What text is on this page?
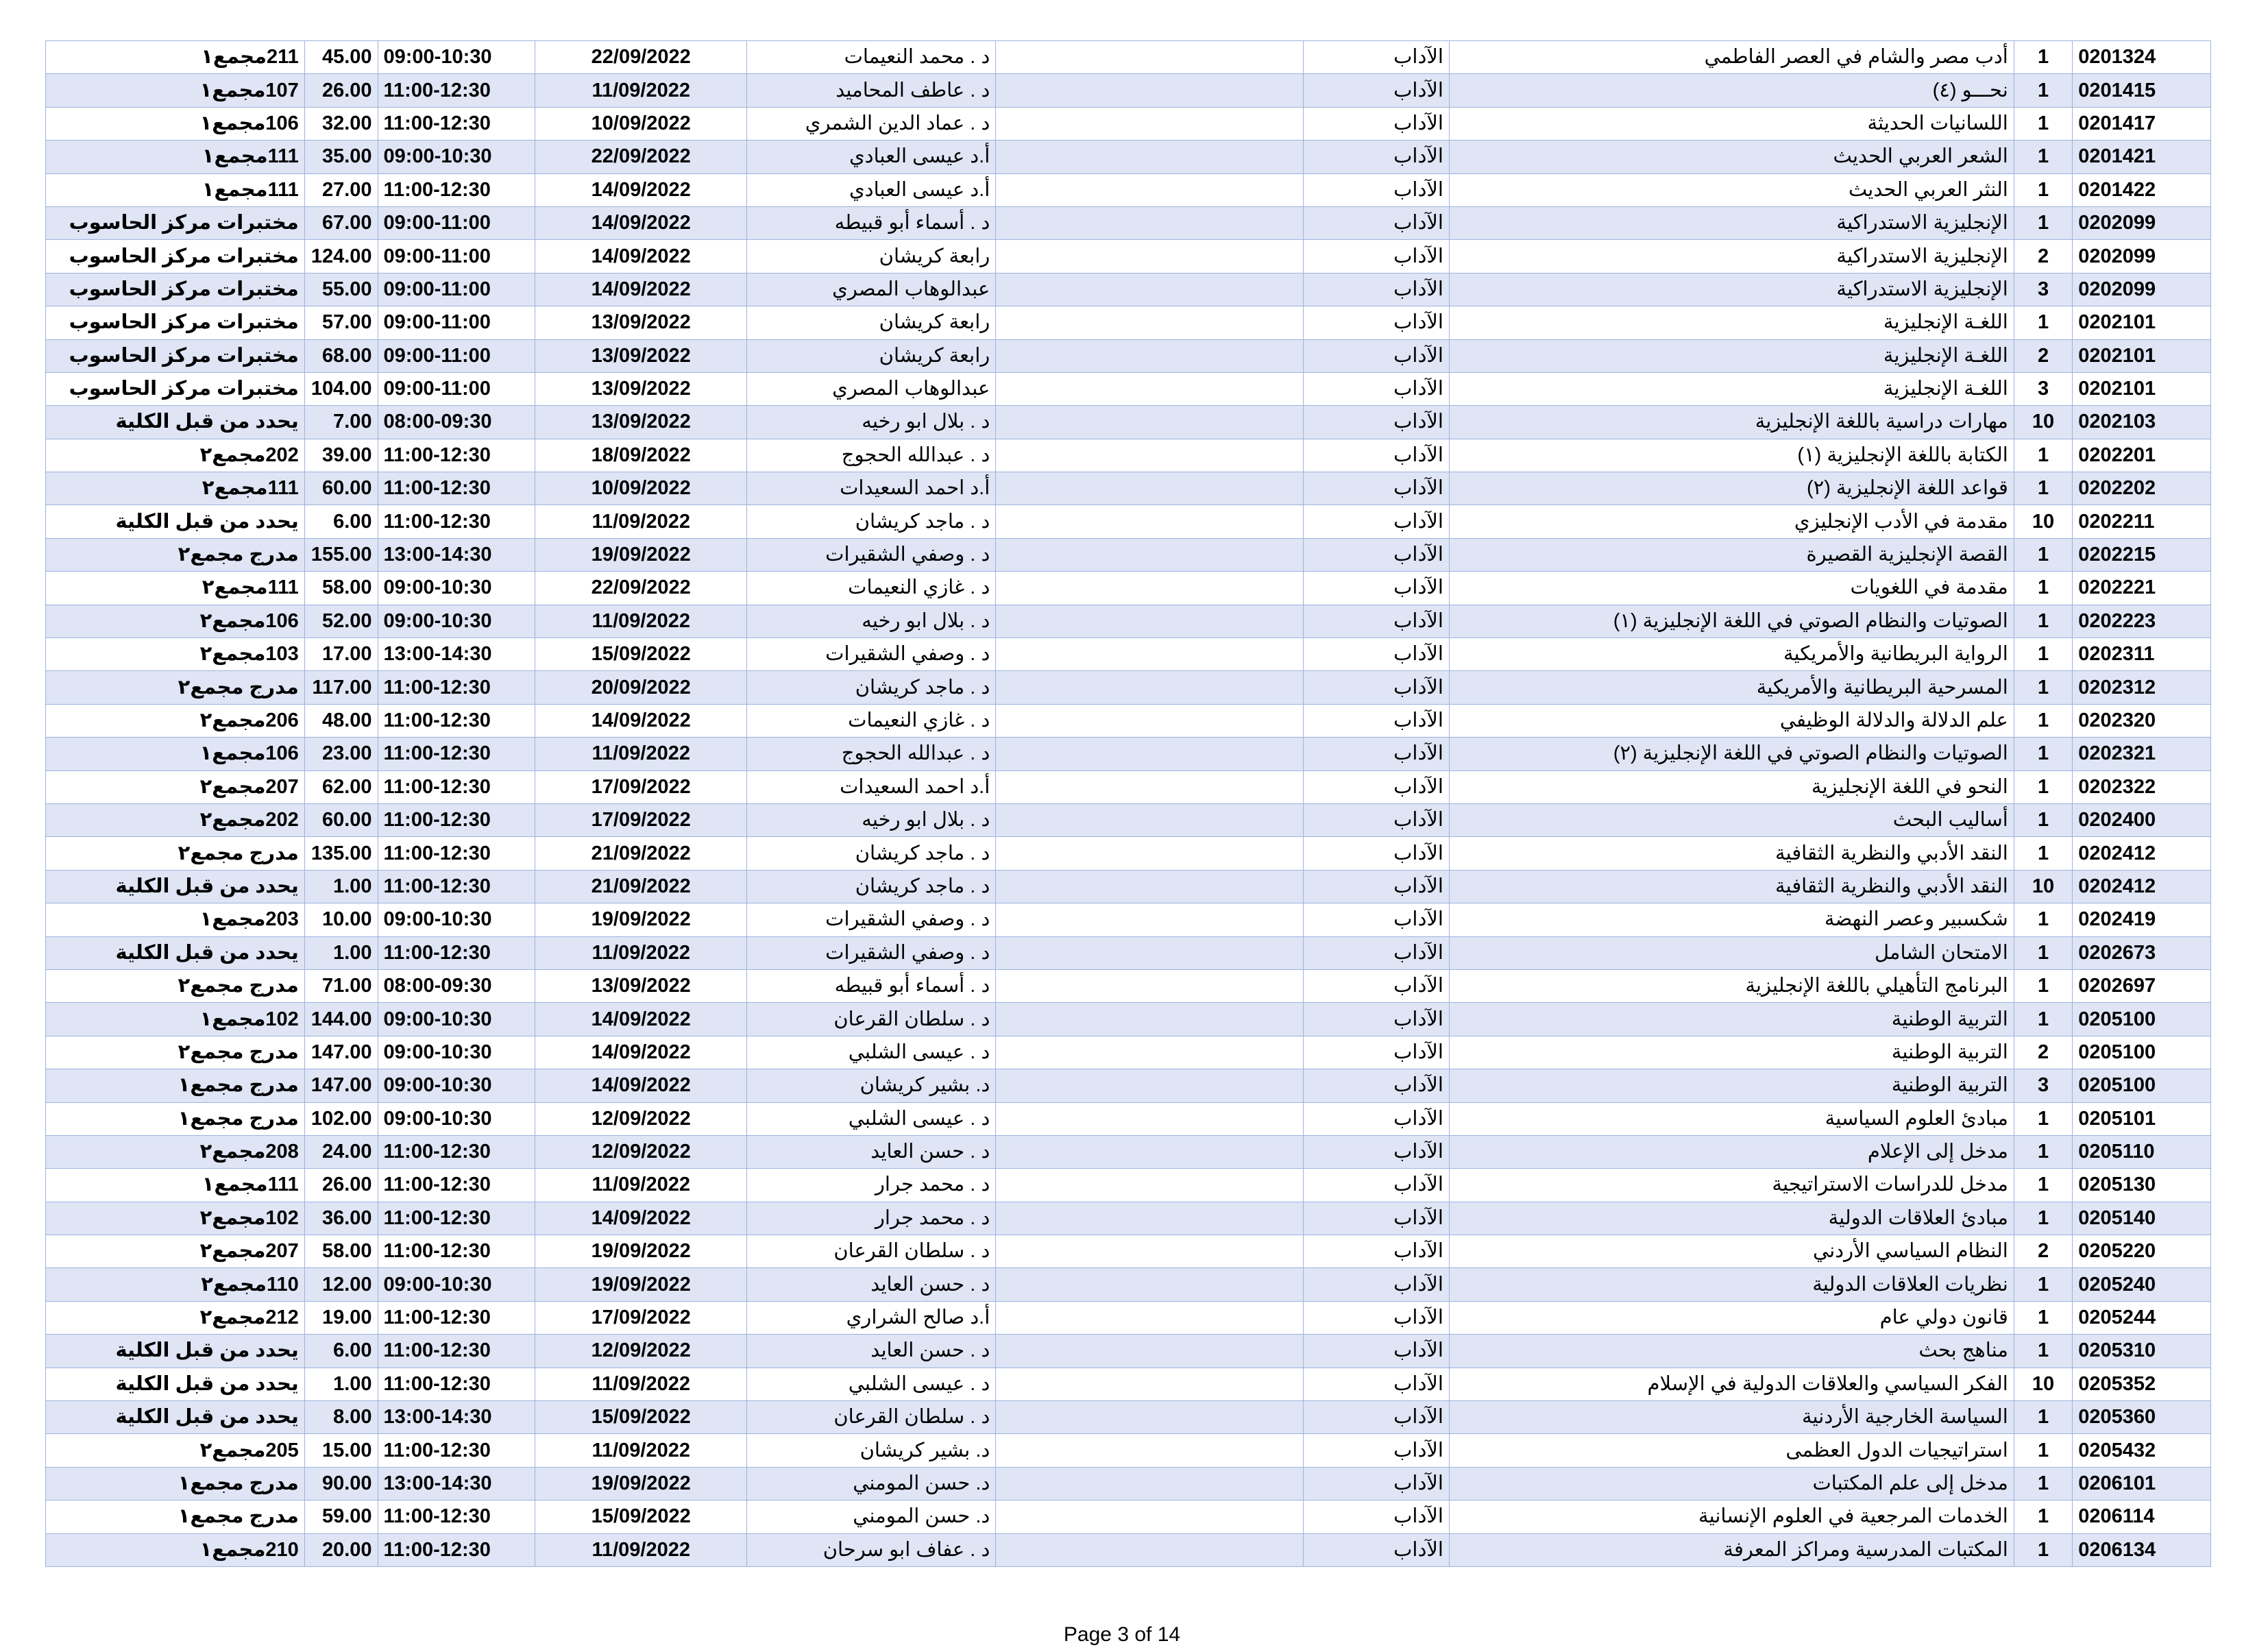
211مجمع١	45.00	09:00-10:30	22/09/2022	د . محمد النعيمات		الآداب	أدب مصر والشام في العصر الفاطمي	1	0201324
107مجمع١	26.00	11:00-12:30	11/09/2022	د . عاطف المحاميد		الآداب	نحـــو (٤)	1	0201415
106مجمع١	32.00	11:00-12:30	10/09/2022	د . عماد الدين الشمري		الآداب	اللسانيات الحديثة	1	0201417
111مجمع١	35.00	09:00-10:30	22/09/2022	أ.د عيسى العبادي		الآداب	الشعر العربي الحديث	1	0201421
111مجمع١	27.00	11:00-12:30	14/09/2022	أ.د عيسى العبادي		الآداب	النثر العربي الحديث	1	0201422
مختبرات مركز الحاسوب	67.00	09:00-11:00	14/09/2022	د . أسماء أبو قبيطه		الآداب	الإنجليزية الاستدراكية	1	0202099
مختبرات مركز الحاسوب	124.00	09:00-11:00	14/09/2022	رابعة كريشان		الآداب	الإنجليزية الاستدراكية	2	0202099
مختبرات مركز الحاسوب	55.00	09:00-11:00	14/09/2022	عبدالوهاب المصري		الآداب	الإنجليزية الاستدراكية	3	0202099
مختبرات مركز الحاسوب	57.00	09:00-11:00	13/09/2022	رابعة كريشان		الآداب	اللغـة الإنجليزية	1	0202101
مختبرات مركز الحاسوب	68.00	09:00-11:00	13/09/2022	رابعة كريشان		الآداب	اللغـة الإنجليزية	2	0202101
مختبرات مركز الحاسوب	104.00	09:00-11:00	13/09/2022	عبدالوهاب المصري		الآداب	اللغـة الإنجليزية	3	0202101
يحدد من قبل الكلية	7.00	08:00-09:30	13/09/2022	د . بلال ابو رخيه		الآداب	مهارات دراسية باللغة الإنجليزية	10	0202103
202مجمع٢	39.00	11:00-12:30	18/09/2022	د . عبدالله الحجوج		الآداب	الكتابة باللغة الإنجليزية (١)	1	0202201
111مجمع٢	60.00	11:00-12:30	10/09/2022	أ.د احمد السعيدات		الآداب	قواعد اللغة الإنجليزية (٢)	1	0202202
يحدد من قبل الكلية	6.00	11:00-12:30	11/09/2022	د . ماجد كريشان		الآداب	مقدمة في الأدب الإنجليزي	10	0202211
مدرج مجمع٢	155.00	13:00-14:30	19/09/2022	د . وصفي الشقيرات		الآداب	القصة الإنجليزية القصيرة	1	0202215
111مجمع٢	58.00	09:00-10:30	22/09/2022	د . غازي النعيمات		الآداب	مقدمة في اللغويات	1	0202221
106مجمع٢	52.00	09:00-10:30	11/09/2022	د . بلال ابو رخيه		الآداب	الصوتيات والنظام الصوتي في اللغة الإنجليزية (١)	1	0202223
103مجمع٢	17.00	13:00-14:30	15/09/2022	د . وصفي الشقيرات		الآداب	الرواية البريطانية والأمريكية	1	0202311
مدرج مجمع٢	117.00	11:00-12:30	20/09/2022	د . ماجد كريشان		الآداب	المسرحية البريطانية والأمريكية	1	0202312
206مجمع٢	48.00	11:00-12:30	14/09/2022	د . غازي النعيمات		الآداب	علم الدلالة والدلالة الوظيفي	1	0202320
106مجمع١	23.00	11:00-12:30	11/09/2022	د . عبدالله الحجوج		الآداب	الصوتيات والنظام الصوتي في اللغة الإنجليزية (٢)	1	0202321
207مجمع٢	62.00	11:00-12:30	17/09/2022	أ.د احمد السعيدات		الآداب	النحو في اللغة الإنجليزية	1	0202322
202مجمع٢	60.00	11:00-12:30	17/09/2022	د . بلال ابو رخيه		الآداب	أساليب البحث	1	0202400
مدرج مجمع٢	135.00	11:00-12:30	21/09/2022	د . ماجد كريشان		الآداب	النقد الأدبي والنظرية الثقافية	1	0202412
يحدد من قبل الكلية	1.00	11:00-12:30	21/09/2022	د . ماجد كريشان		الآداب	النقد الأدبي والنظرية الثقافية	10	0202412
203مجمع١	10.00	09:00-10:30	19/09/2022	د . وصفي الشقيرات		الآداب	شكسبير وعصر النهضة	1	0202419
يحدد من قبل الكلية	1.00	11:00-12:30	11/09/2022	د . وصفي الشقيرات		الآداب	الامتحان الشامل	1	0202673
مدرج مجمع٢	71.00	08:00-09:30	13/09/2022	د . أسماء أبو قبيطه		الآداب	البرنامج التأهيلي باللغة الإنجليزية	1	0202697
102مجمع١	144.00	09:00-10:30	14/09/2022	د . سلطان القرعان		الآداب	التربية الوطنية	1	0205100
مدرج مجمع٢	147.00	09:00-10:30	14/09/2022	د . عيسى الشلبي		الآداب	التربية الوطنية	2	0205100
مدرج مجمع١	147.00	09:00-10:30	14/09/2022	د. بشير كريشان		الآداب	التربية الوطنية	3	0205100
مدرج مجمع١	102.00	09:00-10:30	12/09/2022	د . عيسى الشلبي		الآداب	مبادئ العلوم السياسية	1	0205101
208مجمع٢	24.00	11:00-12:30	12/09/2022	د . حسن العايد		الآداب	مدخل إلى الإعلام	1	0205110
111مجمع١	26.00	11:00-12:30	11/09/2022	د . محمد جرار		الآداب	مدخل للدراسات الاستراتيجية	1	0205130
102مجمع٢	36.00	11:00-12:30	14/09/2022	د . محمد جرار		الآداب	مبادئ العلاقات الدولية	1	0205140
207مجمع٢	58.00	11:00-12:30	19/09/2022	د . سلطان القرعان		الآداب	النظام السياسي الأردني	2	0205220
110مجمع٢	12.00	09:00-10:30	19/09/2022	د . حسن العايد		الآداب	نظريات العلاقات الدولية	1	0205240
212مجمع٢	19.00	11:00-12:30	17/09/2022	أ.د صالح الشراري		الآداب	قانون دولي عام	1	0205244
يحدد من قبل الكلية	6.00	11:00-12:30	12/09/2022	د . حسن العايد		الآداب	مناهج بحث	1	0205310
يحدد من قبل الكلية	1.00	11:00-12:30	11/09/2022	د . عيسى الشلبي		الآداب	الفكر السياسي والعلاقات الدولية في الإسلام	10	0205352
يحدد من قبل الكلية	8.00	13:00-14:30	15/09/2022	د . سلطان القرعان		الآداب	السياسة الخارجية الأردنية	1	0205360
205مجمع٢	15.00	11:00-12:30	11/09/2022	د. بشير كريشان		الآداب	استراتيجيات الدول العظمى	1	0205432
مدرج مجمع١	90.00	13:00-14:30	19/09/2022	د. حسن المومني		الآداب	مدخل إلى علم المكتبات	1	0206101
مدرج مجمع١	59.00	11:00-12:30	15/09/2022	د. حسن المومني		الآداب	الخدمات المرجعية في العلوم الإنسانية	1	0206114
210مجمع١	20.00	11:00-12:30	11/09/2022	د . عفاف ابو سرحان		الآداب	المكتبات المدرسية ومراكز المعرفة	1	0206134
Page 3 of 14
